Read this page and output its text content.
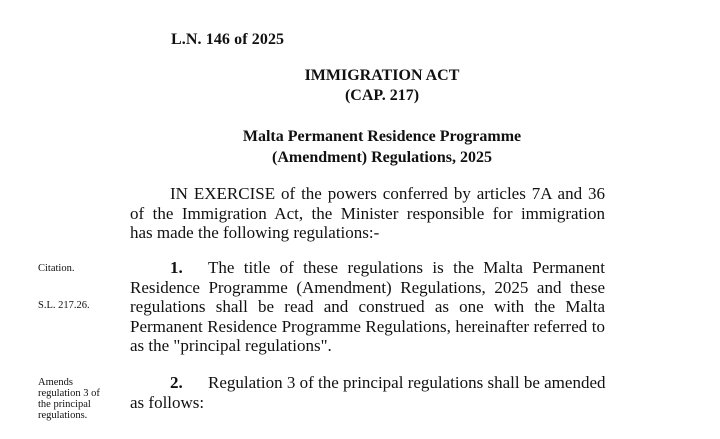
L.N. 146 of 2025
IMMIGRATION ACT
(CAP. 217)
Malta Permanent Residence Programme
(Amendment) Regulations, 2025
IN EXERCISE of the powers conferred by articles 7A and 36
of the Immigration Act, the Minister responsible for immigration
has made the following regulations:-
Citation.
S.L. 217.26.
Amends
regulation 3 of
the principal
regulations.
1. The title of these regulations is the Malta Permanent
Residence Programme (Amendment) Regulations, 2025 and these
regulations shall be read and construed as one with the Malta
Permanent Residence Programme Regulations, hereinafter referred to
as the "principal regulations".
2. Regulation 3 of the principal regulations shall be amended
as follows:
